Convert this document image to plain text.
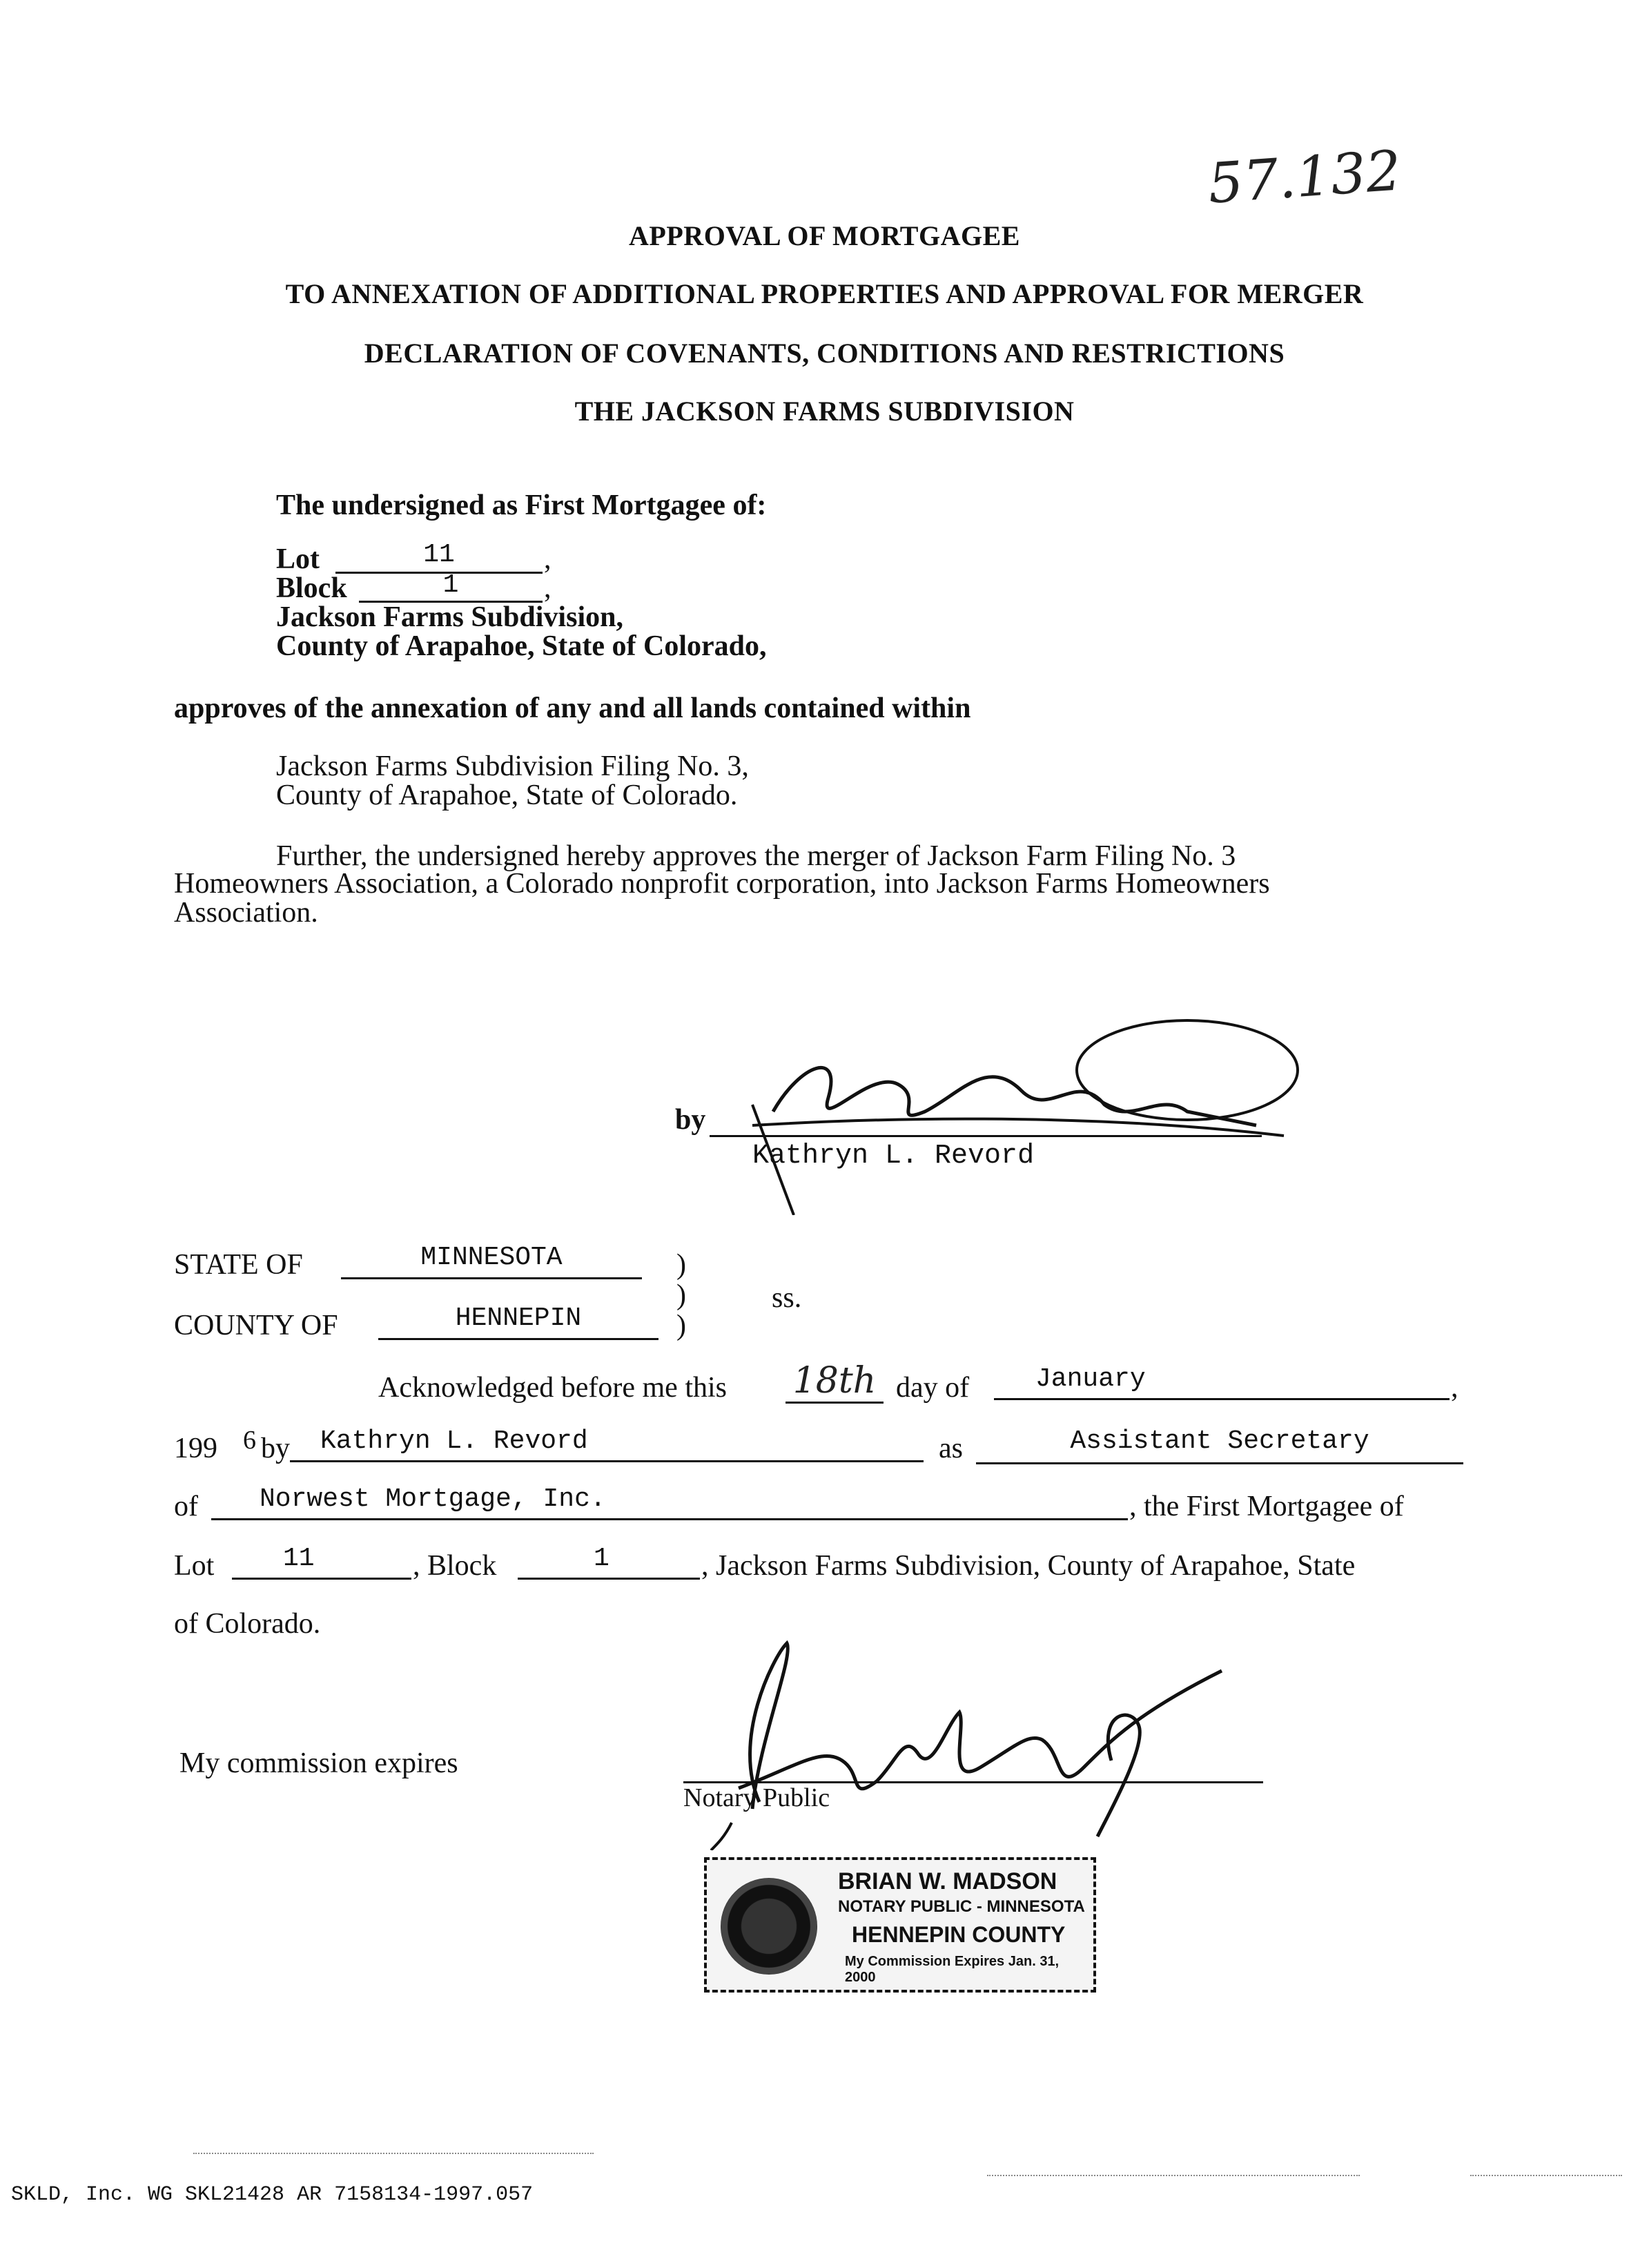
57.132
APPROVAL OF MORTGAGEE
TO ANNEXATION OF ADDITIONAL PROPERTIES AND APPROVAL FOR MERGER
DECLARATION OF COVENANTS, CONDITIONS AND RESTRICTIONS
THE JACKSON FARMS SUBDIVISION
The undersigned as First Mortgagee of:
Lot	11	,
Block	1	,
Jackson Farms Subdivision,
County of Arapahoe, State of Colorado,
approves of the annexation of any and all lands contained within
Jackson Farms Subdivision Filing No. 3,
County of Arapahoe, State of Colorado.
Further, the undersigned hereby approves the merger of Jackson Farm Filing No. 3
Homeowners Association, a Colorado nonprofit corporation, into Jackson Farms Homeowners
Association.
by
Kathryn L. Revord
STATE OF	MINNESOTA	)
)
)
ss.
COUNTY OF	HENNEPIN
Acknowledged before me this 18th day of	January	,
199 6 by	Kathryn L. Revord	as	Assistant Secretary
of	Norwest Mortgage, Inc.	, the First Mortgagee of
Lot	11	, Block	1	, Jackson Farms Subdivision, County of Arapahoe, State
of Colorado.
My commission expires
Notary Public
BRIAN W. MADSON
NOTARY PUBLIC - MINNESOTA
HENNEPIN COUNTY
My Commission Expires Jan. 31, 2000
SKLD, Inc. WG SKL21428 AR 7158134-1997.057
